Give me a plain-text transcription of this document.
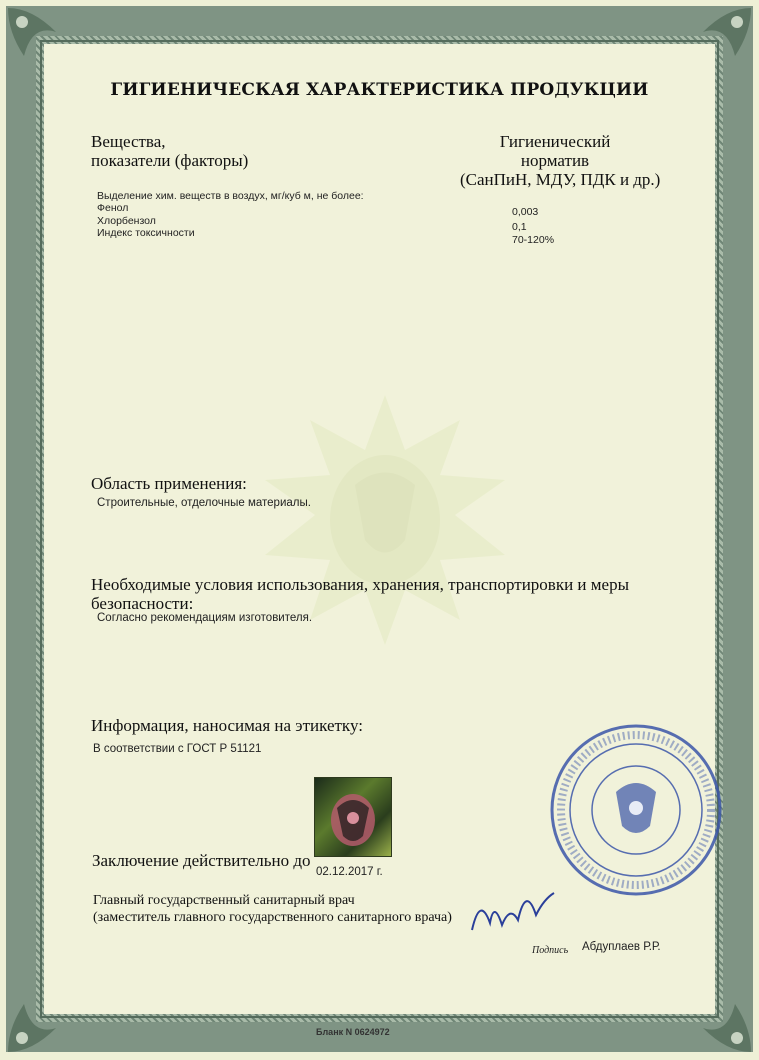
ГИГИЕНИЧЕСКАЯ ХАРАКТЕРИСТИКА ПРОДУКЦИИ
Вещества,
показатели (факторы)
Гигиенический
норматив
(СанПиН, МДУ, ПДК и др.)
Выделение хим. веществ в воздух, мг/куб м, не более:
Фенол	0,003
Хлорбензол	0,1
Индекс токсичности
70-120%
Область применения:
Строительные, отделочные материалы.
Необходимые условия использования, хранения, транспортировки и меры
безопасности:
Согласно рекомендациям изготовителя.
Информация, наносимая на этикетку:
В соответствии с ГОСТ Р 51121
Заключение действительно до
02.12.2017 г.
Главный государственный санитарный врач
(заместитель главного государственного санитарного врача)
Подпись Абдуплаев Р.Р.
Бланк N 0624972
